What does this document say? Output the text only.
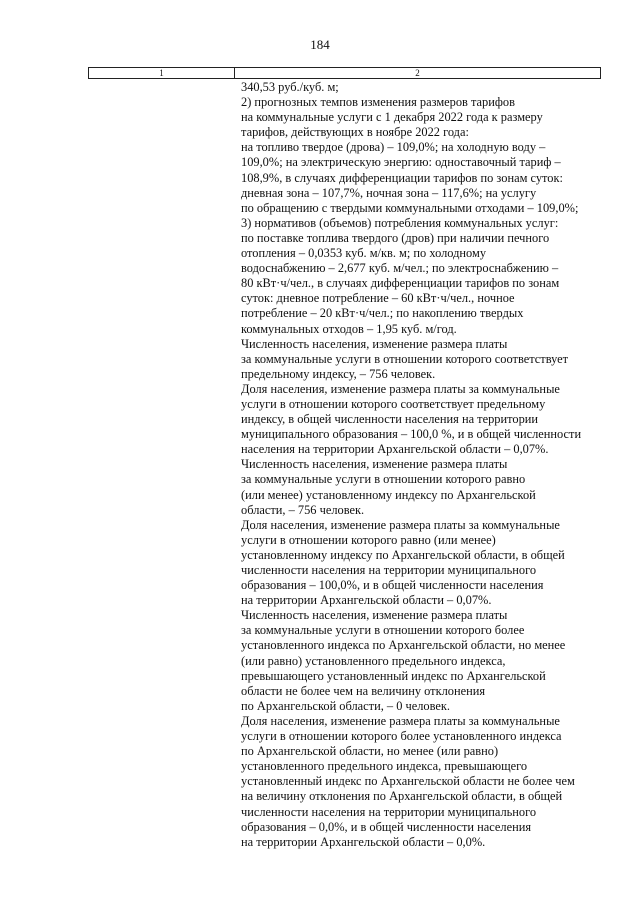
184
1	2
340,53 руб./куб. м;
2) прогнозных темпов изменения размеров тарифов
на коммунальные услуги с 1 декабря 2022 года к размеру
тарифов, действующих в ноябре 2022 года:
на топливо твердое (дрова) – 109,0%; на холодную воду –
109,0%; на электрическую энергию: одноставочный тариф –
108,9%, в случаях дифференциации тарифов по зонам суток:
дневная зона – 107,7%, ночная зона – 117,6%; на услугу
по обращению с твердыми коммунальными отходами – 109,0%;
3) нормативов (объемов) потребления коммунальных услуг:
по поставке топлива твердого (дров) при наличии печного
отопления – 0,0353 куб. м/кв. м; по холодному
водоснабжению – 2,677 куб. м/чел.; по электроснабжению –
80 кВт·ч/чел., в случаях дифференциации тарифов по зонам
суток: дневное потребление – 60 кВт·ч/чел., ночное
потребление – 20 кВт·ч/чел.; по накоплению твердых
коммунальных отходов – 1,95 куб. м/год.
Численность населения, изменение размера платы
за коммунальные услуги в отношении которого соответствует
предельному индексу, – 756 человек.
Доля населения, изменение размера платы за коммунальные
услуги в отношении которого соответствует предельному
индексу, в общей численности населения на территории
муниципального образования – 100,0 %, и в общей численности
населения на территории Архангельской области – 0,07%.
Численность населения, изменение размера платы
за коммунальные услуги в отношении которого равно
(или менее) установленному индексу по Архангельской
области, – 756 человек.
Доля населения, изменение размера платы за коммунальные
услуги в отношении которого равно (или менее)
установленному индексу по Архангельской области, в общей
численности населения на территории муниципального
образования – 100,0%, и в общей численности населения
на территории Архангельской области – 0,07%.
Численность населения, изменение размера платы
за коммунальные услуги в отношении которого более
установленного индекса по Архангельской области, но менее
(или равно) установленного предельного индекса,
превышающего установленный индекс по Архангельской
области не более чем на величину отклонения
по Архангельской области, – 0 человек.
Доля населения, изменение размера платы за коммунальные
услуги в отношении которого более установленного индекса
по Архангельской области, но менее (или равно)
установленного предельного индекса, превышающего
установленный индекс по Архангельской области не более чем
на величину отклонения по Архангельской области, в общей
численности населения на территории муниципального
образования – 0,0%, и в общей численности населения
на территории Архангельской области – 0,0%.
